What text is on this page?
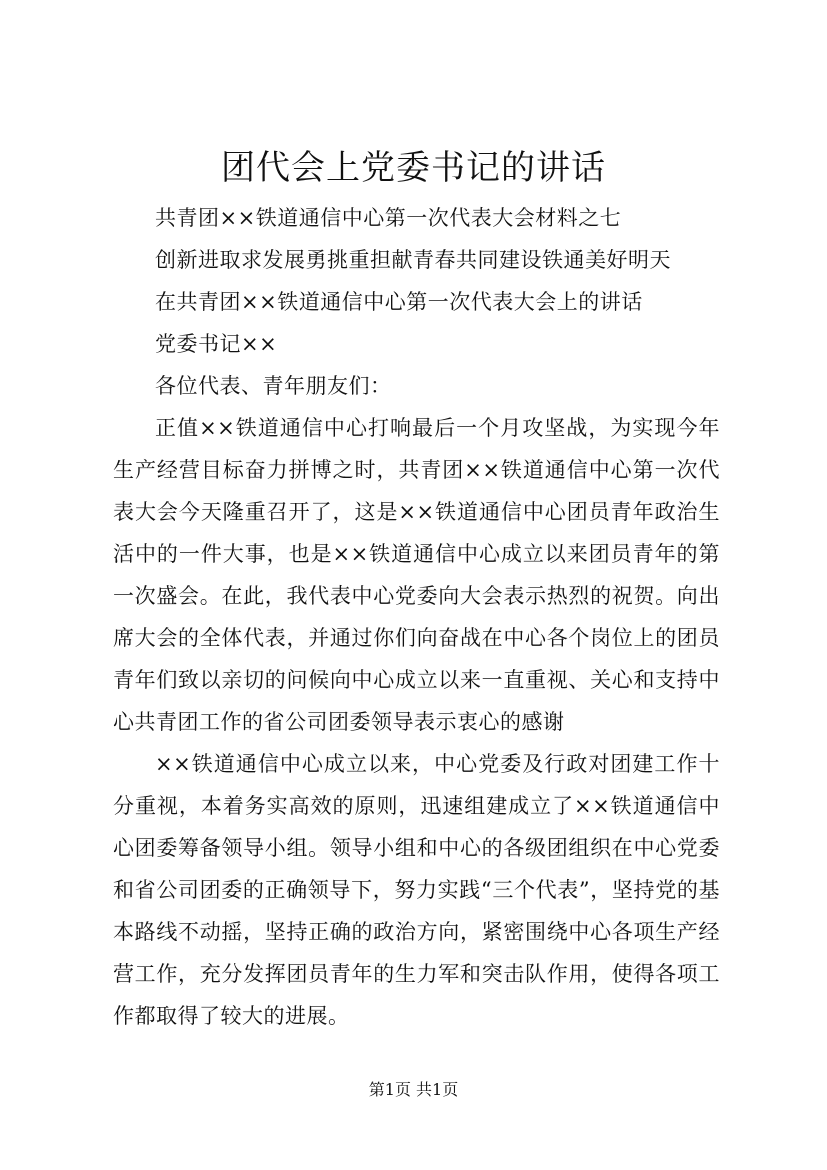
团代会上党委书记的讲话

共青团××铁道通信中心第一次代表大会材料之七

创新进取求发展勇挑重担献青春共同建设铁通美好明天

在共青团××铁道通信中心第一次代表大会上的讲话

党委书记××

各位代表、青年朋友们：

正值××铁道通信中心打响最后一个月攻坚战，为实现今年生产经营目标奋力拼博之时，共青团××铁道通信中心第一次代表大会今天隆重召开了，这是××铁道通信中心团员青年政治生活中的一件大事，也是××铁道通信中心成立以来团员青年的第一次盛会。在此，我代表中心党委向大会表示热烈的祝贺。向出席大会的全体代表，并通过你们向奋战在中心各个岗位上的团员青年们致以亲切的问候向中心成立以来一直重视、关心和支持中心共青团工作的省公司团委领导表示衷心的感谢

××铁道通信中心成立以来，中心党委及行政对团建工作十分重视，本着务实高效的原则，迅速组建成立了××铁道通信中心团委筹备领导小组。领导小组和中心的各级团组织在中心党委和省公司团委的正确领导下，努力实践“三个代表”，坚持党的基本路线不动摇，坚持正确的政治方向，紧密围绕中心各项生产经营工作，充分发挥团员青年的生力军和突击队作用，使得各项工作都取得了较大的进展。

第1页 共1页
